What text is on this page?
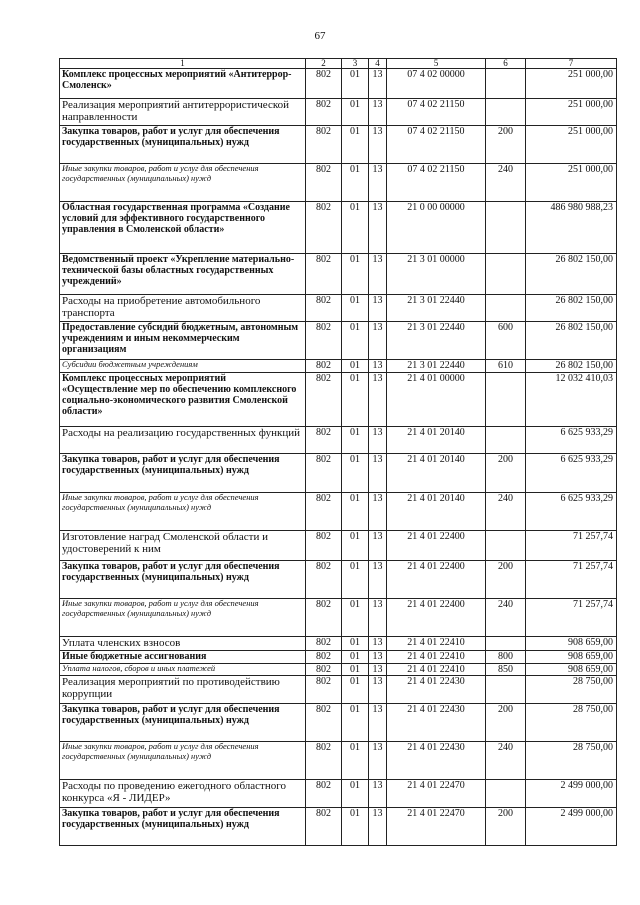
67
1	2	3	4	5	6	7
Комплекс процессных мероприятий «Антитеррор-Смоленск»	802	01	13	07 4 02 00000		251 000,00
Реализация мероприятий антитеррористической направленности	802	01	13	07 4 02 21150		251 000,00
Закупка товаров, работ и услуг для обеспечения государственных (муниципальных) нужд	802	01	13	07 4 02 21150	200	251 000,00
Иные закупки товаров, работ и услуг для обеспечения государственных (муниципальных) нужд	802	01	13	07 4 02 21150	240	251 000,00
Областная государственная программа «Создание условий для эффективного государственного управления в Смоленской области»	802	01	13	21 0 00 00000		486 980 988,23
Ведомственный проект «Укрепление материально-технической базы областных государственных учреждений»	802	01	13	21 3 01 00000		26 802 150,00
Расходы на приобретение автомобильного транспорта	802	01	13	21 3 01 22440		26 802 150,00
Предоставление субсидий бюджетным, автономным учреждениям и иным некоммерческим организациям	802	01	13	21 3 01 22440	600	26 802 150,00
Субсидии бюджетным учреждениям	802	01	13	21 3 01 22440	610	26 802 150,00
Комплекс процессных мероприятий «Осуществление мер по обеспечению комплексного социально-экономического развития Смоленской области»	802	01	13	21 4 01 00000		12 032 410,03
Расходы на реализацию государственных функций	802	01	13	21 4 01 20140		6 625 933,29
Закупка товаров, работ и услуг для обеспечения государственных (муниципальных) нужд	802	01	13	21 4 01 20140	200	6 625 933,29
Иные закупки товаров, работ и услуг для обеспечения государственных (муниципальных) нужд	802	01	13	21 4 01 20140	240	6 625 933,29
Изготовление наград Смоленской области и удостоверений к ним	802	01	13	21 4 01 22400		71 257,74
Закупка товаров, работ и услуг для обеспечения государственных (муниципальных) нужд	802	01	13	21 4 01 22400	200	71 257,74
Иные закупки товаров, работ и услуг для обеспечения государственных (муниципальных) нужд	802	01	13	21 4 01 22400	240	71 257,74
Уплата членских взносов	802	01	13	21 4 01 22410		908 659,00
Иные бюджетные ассигнования	802	01	13	21 4 01 22410	800	908 659,00
Уплата налогов, сборов и иных платежей	802	01	13	21 4 01 22410	850	908 659,00
Реализация мероприятий по противодействию коррупции	802	01	13	21 4 01 22430		28 750,00
Закупка товаров, работ и услуг для обеспечения государственных (муниципальных) нужд	802	01	13	21 4 01 22430	200	28 750,00
Иные закупки товаров, работ и услуг для обеспечения государственных (муниципальных) нужд	802	01	13	21 4 01 22430	240	28 750,00
Расходы по проведению ежегодного областного конкурса «Я - ЛИДЕР»	802	01	13	21 4 01 22470		2 499 000,00
Закупка товаров, работ и услуг для обеспечения государственных (муниципальных) нужд	802	01	13	21 4 01 22470	200	2 499 000,00
